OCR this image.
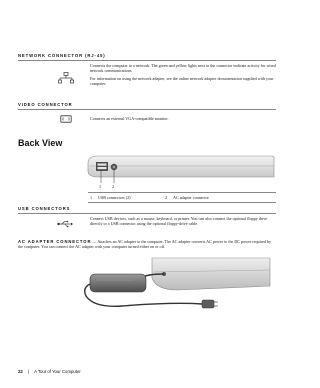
NETWORK CONNECTOR (RJ-45)
Connects the computer to a network. The green and yellow lights next to the connector indicate activity for wired network communications.
For information on using the network adapter, see the online network adapter documentation supplied with your computer.
VIDEO CONNECTOR
Connects an external VGA-compatible monitor.
Back View
1	2
1 USB connectors (2)	2 AC adapter connector
USB CONNECTORS
Connect USB devices, such as a mouse, keyboard, or printer. You can also connect the optional floppy drive directly to a USB connector using the optional floppy-drive cable.
AC ADAPTER CONNECTOR — Attaches an AC adapter to the computer. The AC adapter converts AC power to the DC power required by the computer. You can connect the AC adapter with your computer turned either on or off.
22 | A Tour of Your Computer
